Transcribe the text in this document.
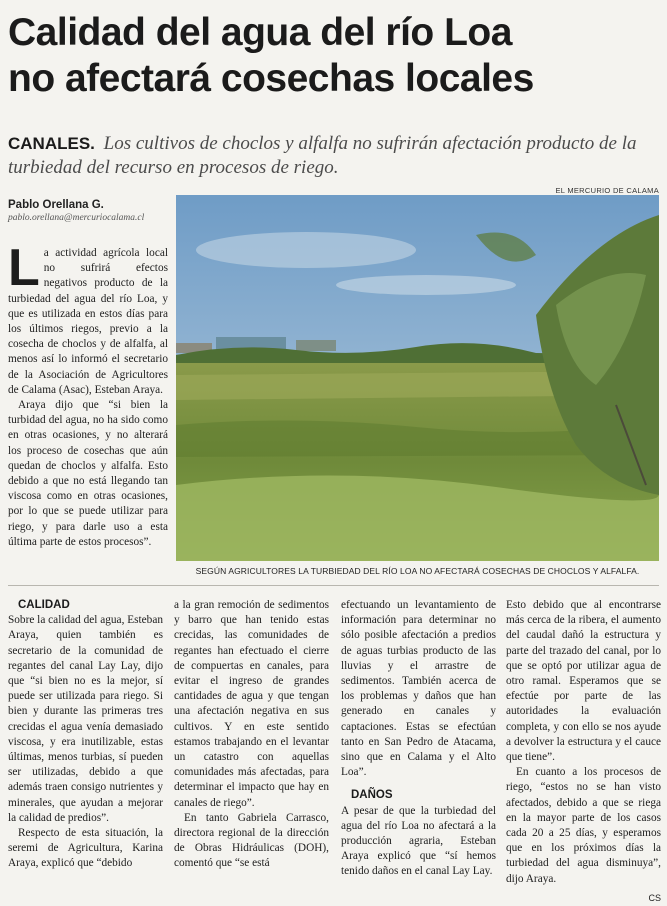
Calidad del agua del río Loa
no afectará cosechas locales
CANALES. Los cultivos de choclos y alfalfa no sufrirán afectación producto de la turbiedad del recurso en procesos de riego.
EL MERCURIO DE CALAMA
Pablo Orellana G.
pablo.orellana@mercuriocalama.cl

La actividad agrícola local no sufrirá efectos negativos producto de la turbiedad del agua del río Loa, y que es utilizada en estos días para los últimos riegos, previo a la cosecha de choclos y de alfalfa, al menos así lo informó el secretario de la Asociación de Agricultores de Calama (Asac), Esteban Araya.

Araya dijo que “si bien la turbidad del agua, no ha sido como en otras ocasiones, y no alterará los proceso de cosechas que aún quedan de choclos y alfalfa. Esto debido a que no está llegando tan viscosa como en otras ocasiones, por lo que se puede utilizar para riego, y para darle uso a esta última parte de estos procesos”.

SEGÚN AGRICULTORES LA TURBIEDAD DEL RÍO LOA NO AFECTARÁ COSECHAS DE CHOCLOS Y ALFALFA.

CALIDAD

Sobre la calidad del agua, Esteban Araya, quien también es secretario de la comunidad de regantes del canal Lay Lay, dijo que “si bien no es la mejor, sí puede ser utilizada para riego. Si bien y durante las primeras tres crecidas el agua venía demasiado viscosa, y era inutilizable, estas últimas, menos turbias, sí pueden ser utilizadas, debido a que además traen consigo nutrientes y minerales, que ayudan a mejorar la calidad de predios”.

Respecto de esta situación, la seremi de Agricultura, Karina Araya, explicó que “debido

a la gran remoción de sedimentos y barro que han tenido estas crecidas, las comunidades de regantes han efectuado el cierre de compuertas en canales, para evitar el ingreso de grandes cantidades de agua y que tengan una afectación negativa en sus cultivos. Y en este sentido estamos trabajando en el levantar un catastro con aquellas comunidades más afectadas, para determinar el impacto que hay en canales de riego”.

En tanto Gabriela Carrasco, directora regional de la dirección de Obras Hidráulicas (DOH), comentó que “se está

efectuando un levantamiento de información para determinar no sólo posible afectación a predios de aguas turbias producto de las lluvias y el arrastre de sedimentos. También acerca de los problemas y daños que han generado en canales y captaciones. Estas se efectúan tanto en San Pedro de Atacama, sino que en Calama y el Alto Loa”.

DAÑOS

A pesar de que la turbiedad del agua del río Loa no afectará a la producción agraria, Esteban Araya explicó que “sí hemos tenido daños en el canal Lay Lay.

Esto debido que al encontrarse más cerca de la ribera, el aumento del caudal dañó la estructura y parte del trazado del canal, por lo que se optó por utilizar agua de otro ramal. Esperamos que se efectúe por parte de las autoridades la evaluación completa, y con ello se nos ayude a devolver la estructura y el cauce que tiene”.

En cuanto a los procesos de riego, “estos no se han visto afectados, debido a que se riega en la mayor parte de los casos cada 20 a 25 días, y esperamos que en los próximos días la turbiedad del agua disminuya”, dijo Araya.

CS
